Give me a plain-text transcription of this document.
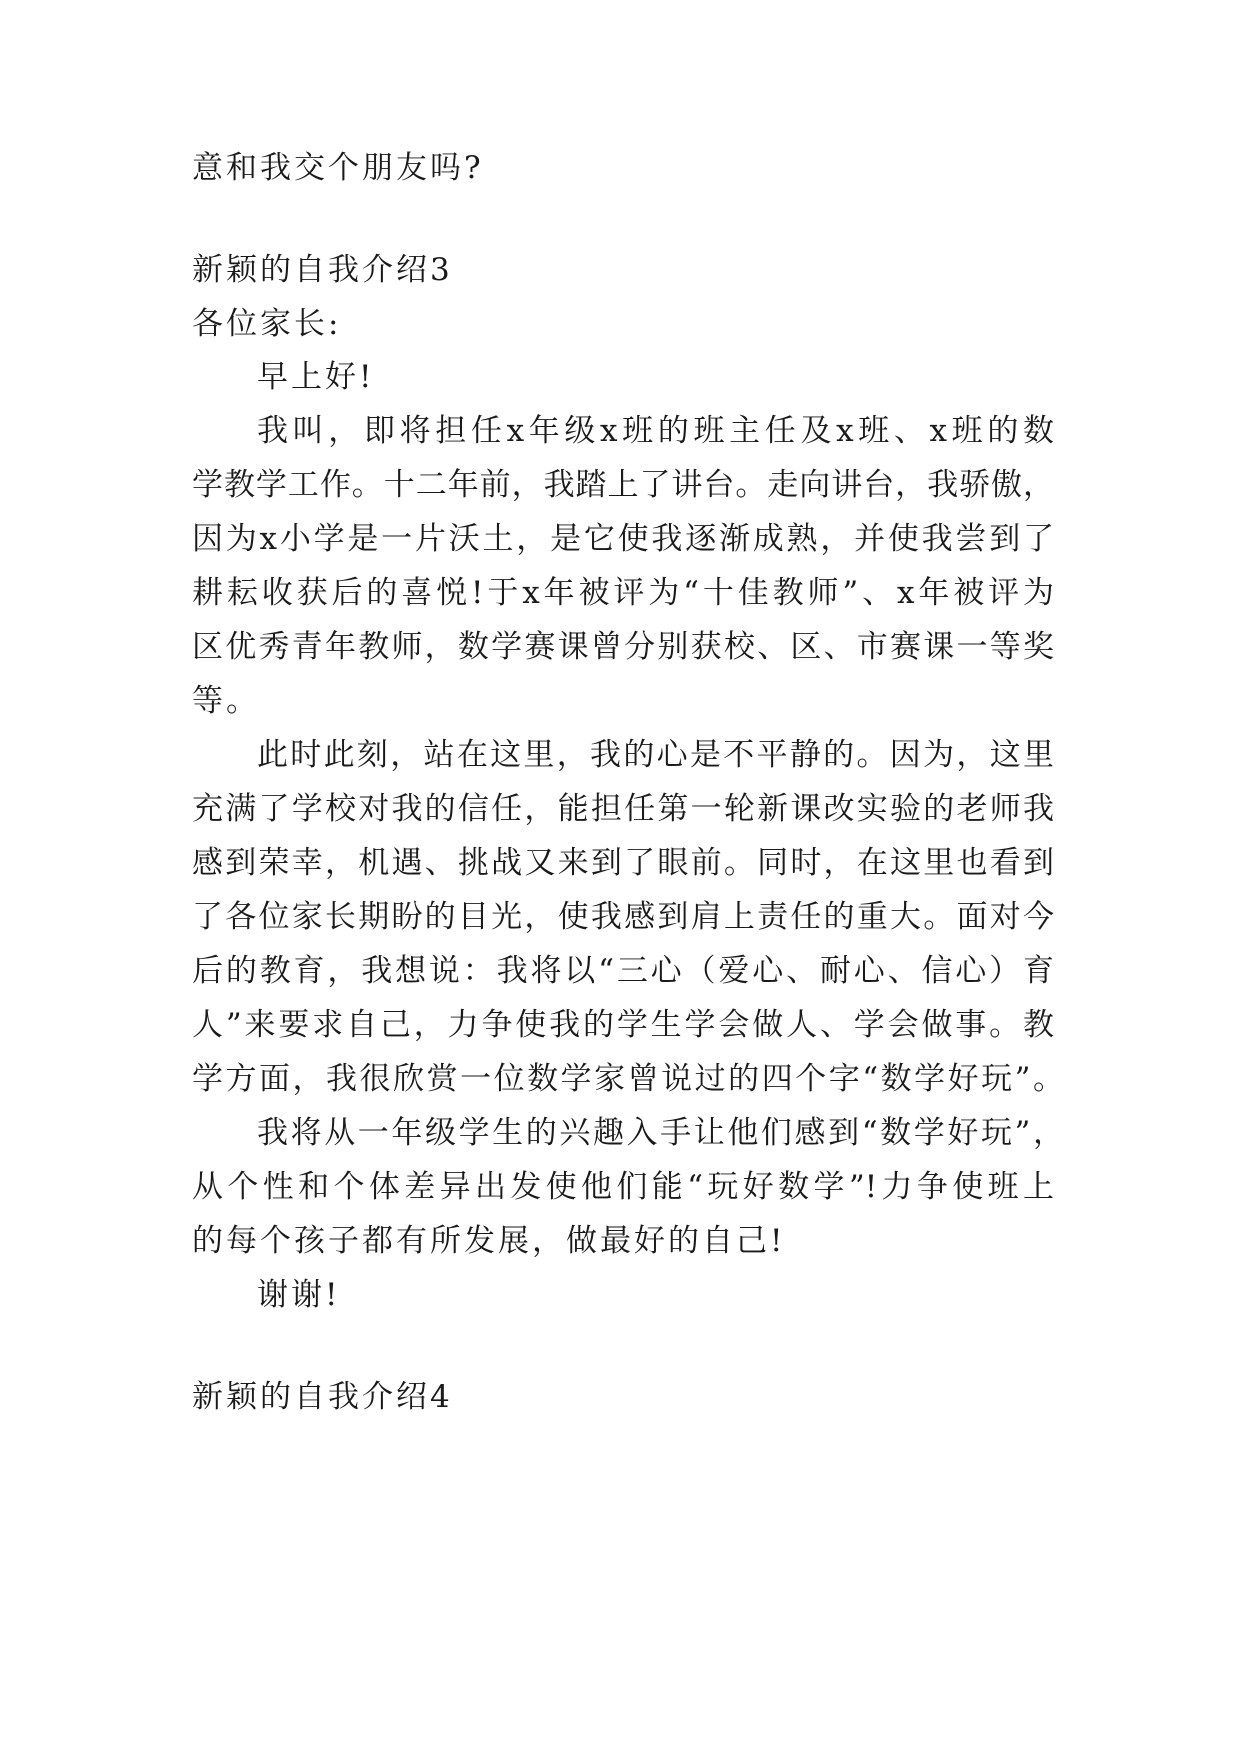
意和我交个朋友吗?
新颖的自我介绍3
各位家长:
早上好!
我叫，即将担任x年级x班的班主任及x班、x班的数
学教学工作。十二年前，我踏上了讲台。走向讲台，我骄傲，
因为x小学是一片沃土，是它使我逐渐成熟，并使我尝到了
耕耘收获后的喜悦!于x年被评为“十佳教师”、x年被评为
区优秀青年教师，数学赛课曾分别获校、区、市赛课一等奖
等。
此时此刻，站在这里，我的心是不平静的。因为，这里
充满了学校对我的信任，能担任第一轮新课改实验的老师我
感到荣幸，机遇、挑战又来到了眼前。同时，在这里也看到
了各位家长期盼的目光，使我感到肩上责任的重大。面对今
后的教育，我想说：我将以“三心（爱心、耐心、信心）育
人”来要求自己，力争使我的学生学会做人、学会做事。教
学方面，我很欣赏一位数学家曾说过的四个字“数学好玩”。
我将从一年级学生的兴趣入手让他们感到“数学好玩”，
从个性和个体差异出发使他们能“玩好数学”!力争使班上
的每个孩子都有所发展，做最好的自己!
谢谢!
新颖的自我介绍4
